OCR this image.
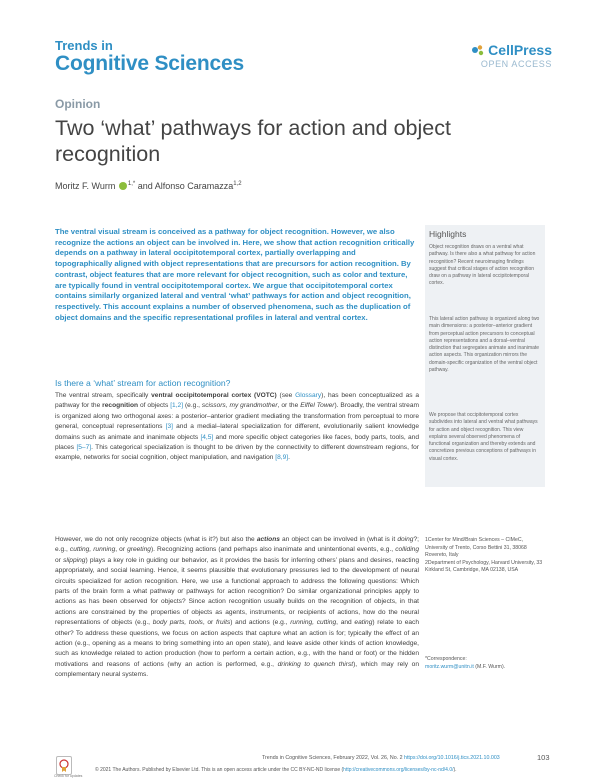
Trends in
Cognitive Sciences
CellPress
OPEN ACCESS
Opinion
Two ‘what’ pathways for action and object recognition
Moritz F. Wurm $^{1,*}$ and Alfonso Caramazza$^{1,2}$
The ventral visual stream is conceived as a pathway for object recognition. However, we also recognize the actions an object can be involved in. Here, we show that action recognition critically depends on a pathway in lateral occipitotemporal cortex, partially overlapping and topographically aligned with object representations that are precursors for action recognition. By contrast, object features that are more relevant for object recognition, such as color and texture, are typically found in ventral occipitotemporal cortex. We argue that occipitotemporal cortex contains similarly organized lateral and ventral ‘what’ pathways for action and object recognition, respectively. This account explains a number of observed phenomena, such as the duplication of object domains and the specific representational profiles in lateral and ventral cortex.
Highlights
Object recognition draws on a ventral what pathway. Is there also a what pathway for action recognition? Recent neuroimaging findings suggest that critical stages of action recognition draw on a pathway in lateral occipitotemporal cortex.
This lateral action pathway is organized along two main dimensions: a posterior–anterior gradient from perceptual action precursors to conceptual action representations and a dorsal–ventral distinction that segregates animate and inanimate action aspects. This organization mirrors the domain-specific organization of the ventral object pathway.
We propose that occipitotemporal cortex subdivides into lateral and ventral what pathways for action and object recognition. This view explains several observed phenomena of functional organization and thereby extends and concretizes previous conceptions of pathways in visual cortex.
Is there a ‘what’ stream for action recognition?
The ventral stream, specifically ventral occipitotemporal cortex (VOTC) (see Glossary), has been conceptualized as a pathway for the recognition of objects [1,2] (e.g., scissors, my grandmother, or the Eiffel Tower). Broadly, the ventral stream is organized along two orthogonal axes: a posterior–anterior gradient mediating the transformation from perceptual to more general, conceptual representations [3] and a medial–lateral specialization for different, evolutionarily salient knowledge domains such as animate and inanimate objects [4,5] and more specific object categories like faces, body parts, tools, and places [5–7]. This categorical specialization is thought to be driven by the connectivity to different downstream regions, for example, networks for social cognition, object manipulation, and navigation [8,9].
However, we do not only recognize objects (what is it?) but also the actions an object can be involved in (what is it doing?; e.g., cutting, running, or greeting). Recognizing actions (and perhaps also inanimate and unintentional events, e.g., colliding or slipping) plays a key role in guiding our behavior, as it provides the basis for inferring others’ plans and desires, reacting appropriately, and social learning. Hence, it seems plausible that evolutionary pressures led to the development of neural circuits specialized for action recognition. Here, we use a functional approach to address the following questions: Which parts of the brain form a what pathway or pathways for action recognition? Do similar organizational principles apply to actions as has been observed for objects? Since action recognition usually builds on the recognition of objects, in that actions are constrained by the properties of objects as agents, instruments, or recipients of actions, how do the neural representations of objects (e.g., body parts, tools, or fruits) and actions (e.g., running, cutting, and eating) relate to each other? To address these questions, we focus on action aspects that capture what an action is for; typically the effect of an action (e.g., opening as a means to bring something into an open state), and leave aside other kinds of action knowledge, such as knowledge related to action production (how to perform a certain action, e.g., with the hand or foot) or the hidden motivations and reasons of actions (why an action is performed, e.g., drinking to quench thirst), which may rely on complementary neural systems.
1Center for Mind/Brain Sciences – CIMeC, University of Trento, Corso Bettini 31, 38068 Rovereto, Italy
2Department of Psychology, Harvard University, 33 Kirkland St, Cambridge, MA 02138, USA
*Correspondence:
moritz.wurm@unitn.it (M.F. Wurm).
Check for updates
Trends in Cognitive Sciences, February 2022, Vol. 26, No. 2 https://doi.org/10.1016/j.tics.2021.10.003	103
© 2021 The Authors. Published by Elsevier Ltd. This is an open access article under the CC BY-NC-ND license (http://creativecommons.org/licenses/by-nc-nd/4.0/).
